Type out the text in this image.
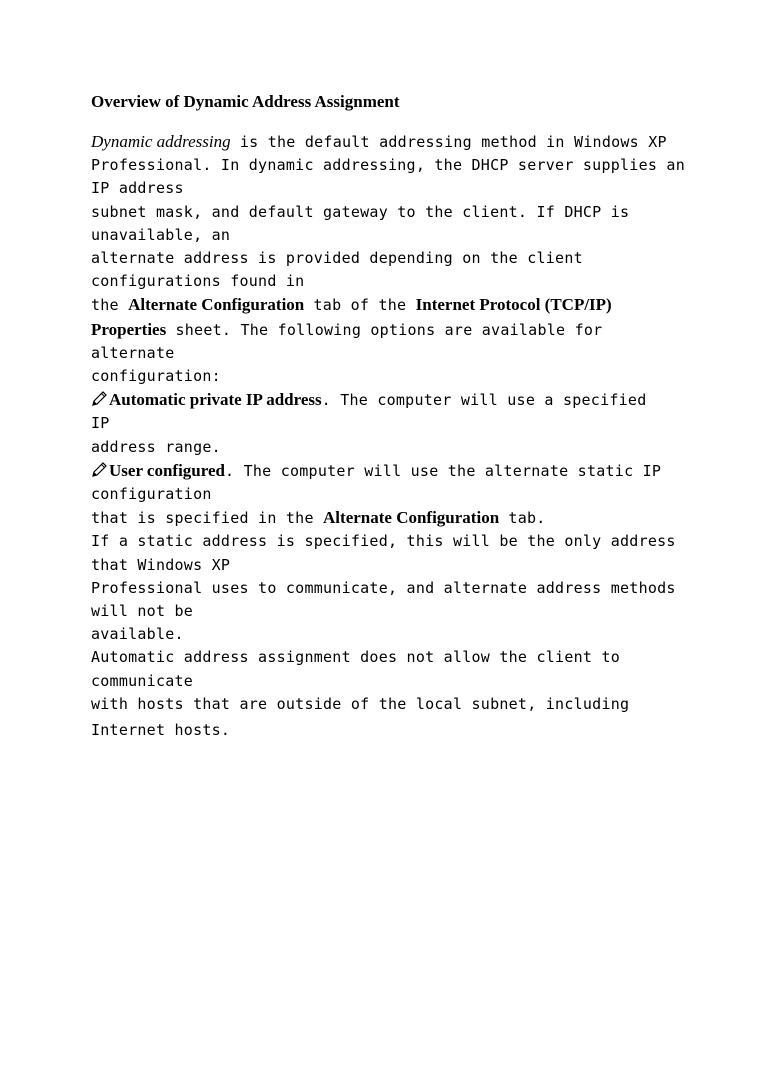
Overview of Dynamic Address Assignment
Dynamic addressing is the default addressing method in Windows XP
Professional. In dynamic addressing, the DHCP server supplies an
IP address
subnet mask, and default gateway to the client. If DHCP is
unavailable, an
alternate address is provided depending on the client
configurations found in
the Alternate Configuration tab of the Internet Protocol (TCP/IP)
Properties sheet. The following options are available for
alternate
configuration:
Automatic private IP address. The computer will use a specified
IP
address range.
User configured. The computer will use the alternate static IP
configuration
that is specified in the Alternate Configuration tab.
If a static address is specified, this will be the only address
that Windows XP
Professional uses to communicate, and alternate address methods
will not be
available.
Automatic address assignment does not allow the client to
communicate
with hosts that are outside of the local subnet, including
Internet hosts.
